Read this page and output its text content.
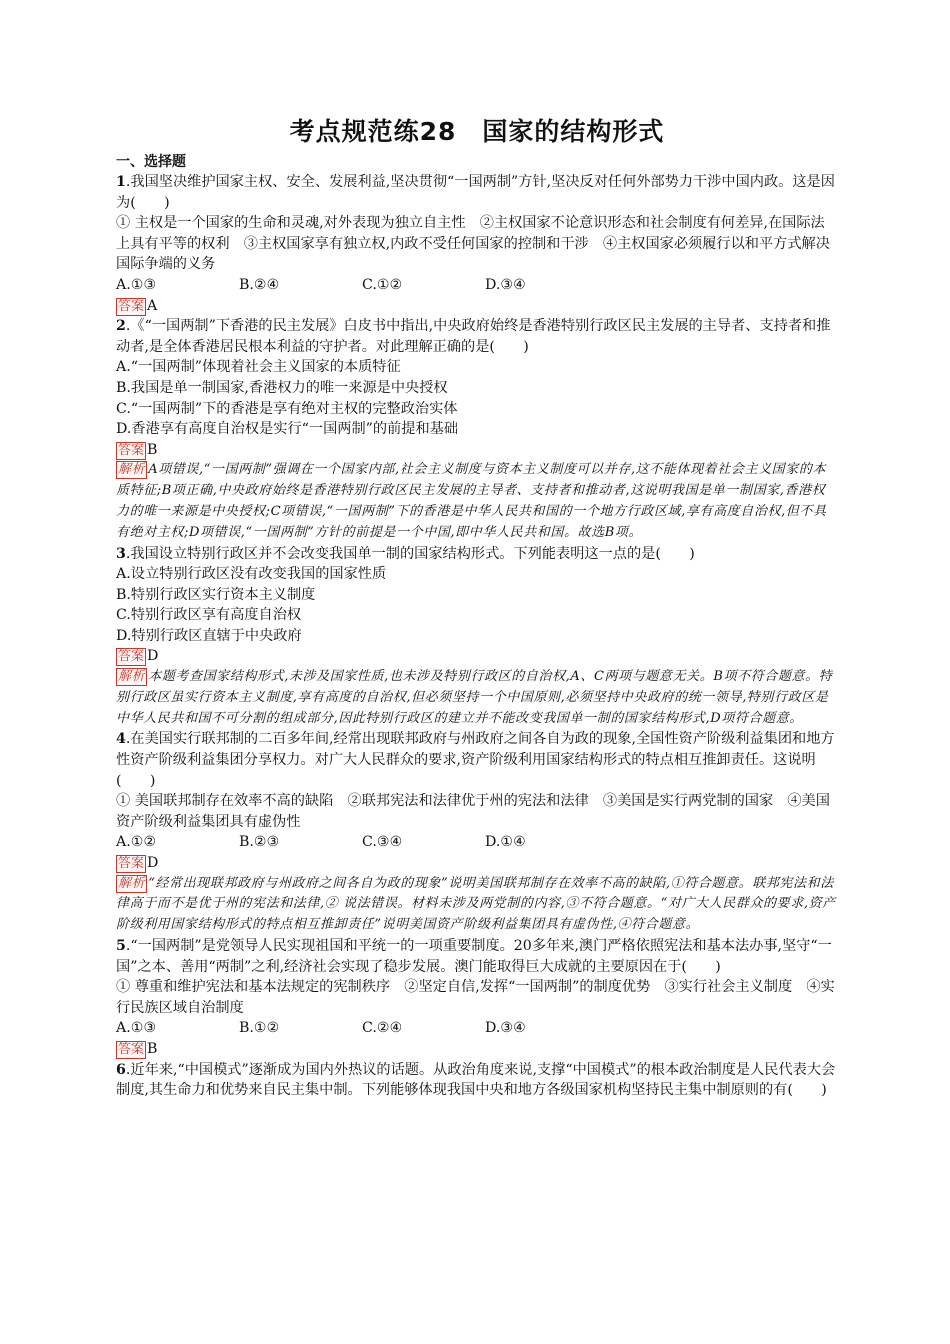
考点规范练28　国家的结构形式
一、选择题

1.我国坚决维护国家主权、安全、发展利益,坚决贯彻“一国两制”方针,坚决反对任何外部势力干涉中国内政。这是因为(　　)

① 主权是一个国家的生命和灵魂,对外表现为独立自主性　②主权国家不论意识形态和社会制度有何差异,在国际法上具有平等的权利　③主权国家享有独立权,内政不受任何国家的控制和干涉　④主权国家必须履行以和平方式解决国际争端的义务

A.①③	B.②④	C.①②	D.③④
答案 A

2.《“一国两制”下香港的民主发展》白皮书中指出,中央政府始终是香港特别行政区民主发展的主导者、支持者和推动者,是全体香港居民根本利益的守护者。对此理解正确的是(　　)

A.“一国两制”体现着社会主义国家的本质特征
B.我国是单一制国家,香港权力的唯一来源是中央授权
C.“一国两制”下的香港是享有绝对主权的完整政治实体
D.香港享有高度自治权是实行“一国两制”的前提和基础
答案 B
解析 A项错误,“一国两制”强调在一个国家内部,社会主义制度与资本主义制度可以并存,这不能体现着社会主义国家的本质特征;B项正确,中央政府始终是香港特别行政区民主发展的主导者、支持者和推动者,这说明我国是单一制国家,香港权力的唯一来源是中央授权;C项错误,“一国两制”下的香港是中华人民共和国的一个地方行政区域,享有高度自治权,但不具有绝对主权;D项错误,“一国两制”方针的前提是一个中国,即中华人民共和国。故选B项。

3.我国设立特别行政区并不会改变我国单一制的国家结构形式。下列能表明这一点的是(　　)

A.设立特别行政区没有改变我国的国家性质
B.特别行政区实行资本主义制度
C.特别行政区享有高度自治权
D.特别行政区直辖于中央政府
答案 D
解析 本题考查国家结构形式,未涉及国家性质,也未涉及特别行政区的自治权,A、C两项与题意无关。B项不符合题意。特别行政区虽实行资本主义制度,享有高度的自治权,但必须坚持一个中国原则,必须坚持中央政府的统一领导,特别行政区是中华人民共和国不可分割的组成部分,因此特别行政区的建立并不能改变我国单一制的国家结构形式,D项符合题意。

4.在美国实行联邦制的二百多年间,经常出现联邦政府与州政府之间各自为政的现象,全国性资产阶级利益集团和地方性资产阶级利益集团分享权力。对广大人民群众的要求,资产阶级利用国家结构形式的特点相互推卸责任。这说明(　　)

① 美国联邦制存在效率不高的缺陷　②联邦宪法和法律优于州的宪法和法律　③美国是实行两党制的国家　④美国资产阶级利益集团具有虚伪性

A.①②	B.②③	C.③④	D.①④
答案 D
解析 “经常出现联邦政府与州政府之间各自为政的现象”说明美国联邦制存在效率不高的缺陷,①符合题意。联邦宪法和法律高于而不是优于州的宪法和法律,② 说法错误。材料未涉及两党制的内容,③不符合题意。“对广大人民群众的要求,资产阶级利用国家结构形式的特点相互推卸责任”说明美国资产阶级利益集团具有虚伪性,④符合题意。

5.“一国两制”是党领导人民实现祖国和平统一的一项重要制度。20多年来,澳门严格依照宪法和基本法办事,坚守“一国”之本、善用“两制”之利,经济社会实现了稳步发展。澳门能取得巨大成就的主要原因在于(　　)

① 尊重和维护宪法和基本法规定的宪制秩序　②坚定自信,发挥“一国两制”的制度优势　③实行社会主义制度　④实行民族区域自治制度

A.①③	B.①②	C.②④	D.③④
答案 B

6.近年来,“中国模式”逐渐成为国内外热议的话题。从政治角度来说,支撑“中国模式”的根本政治制度是人民代表大会制度,其生命力和优势来自民主集中制。下列能够体现我国中央和地方各级国家机构坚持民主集中制原则的有(　　)
